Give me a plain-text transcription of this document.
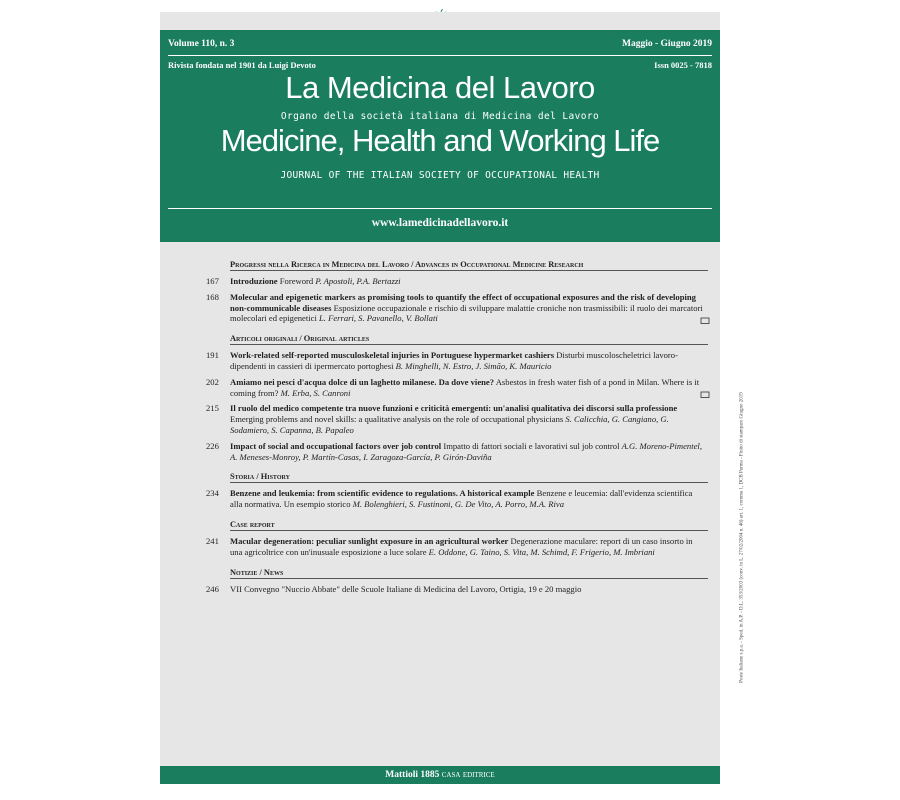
Volume 110, n. 3	Maggio - Giugno 2019
Rivista fondata nel 1901 da Luigi Devoto	Issn 0025 - 7818
La Medicina del Lavoro
Organo della società italiana di Medicina del Lavoro
Medicine, Health and Working Life
JOURNAL OF THE ITALIAN SOCIETY OF OCCUPATIONAL HEALTH
www.lamedicinadellavoro.it
Progressi nella Ricerca in Medicina del Lavoro / Advances in Occupational Medicine Research
167	Introduzione Foreword P. Apostoli, P.A. Bertazzi
168	Molecular and epigenetic markers as promising tools to quantify the effect of occupational exposures and the risk of developing non-communicable diseases Esposizione occupazionale e rischio di sviluppare malattie croniche non trasmissibili: il ruolo dei marcatori molecolari ed epigenetici L. Ferrari, S. Pavanello, V. Bollati
Articoli originali / Original articles
191	Work-related self-reported musculoskeletal injuries in Portuguese hypermarket cashiers Disturbi muscoloscheletrici lavoro-dipendenti in cassieri di ipermercato portoghesi B. Minghelli, N. Estro, J. Simão, K. Mauricio
202	Amiamo nei pesci d'acqua dolce di un laghetto milanese. Da dove viene? Asbestos in fresh water fish of a pond in Milan. Where is it coming from? M. Erba, S. Canroni
215	Il ruolo del medico competente tra nuove funzioni e criticità emergenti: un'analisi qualitativa dei discorsi sulla professione Emerging problems and novel skills: a qualitative analysis on the role of occupational physicians S. Calicchia, G. Cangiano, G. Sodamiero, S. Capanna, B. Papaleo
226	Impact of social and occupational factors over job control Impatto di fattori sociali e lavorativi sul job control A.G. Moreno-Pimentel, A. Meneses-Monroy, P. Martín-Casas, I. Zaragoza-García, P. Girón-Daviña
Storia / History
234	Benzene and leukemia: from scientific evidence to regulations. A historical example Benzene e leucemia: dall'evidenza scientifica alla normativa. Un esempio storico M. Bolenghieri, S. Fustinoni, G. De Vito, A. Porro, M.A. Riva
Case report
241	Macular degeneration: peculiar sunlight exposure in an agricultural worker Degenerazione maculare: report di un caso insorto in una agricoltrice con un'inusuale esposizione a luce solare E. Oddone, G. Taino, S. Vita, M. Schimd, F. Frigerio, M. Imbriani
Notizie / News
246	VII Convegno "Nuccio Abbate" delle Scuole Italiane di Medicina del Lavoro, Ortigia, 19 e 20 maggio
Mattioli 1885 casa editrice
Poste Italiane s.p.a. - Sped. in A.P. - D.L. 353/2003 (conv. in L. 27/02/2004 n. 46) art. 1, comma 1, DCB Parma - Finito di stampare Giugno 2019
